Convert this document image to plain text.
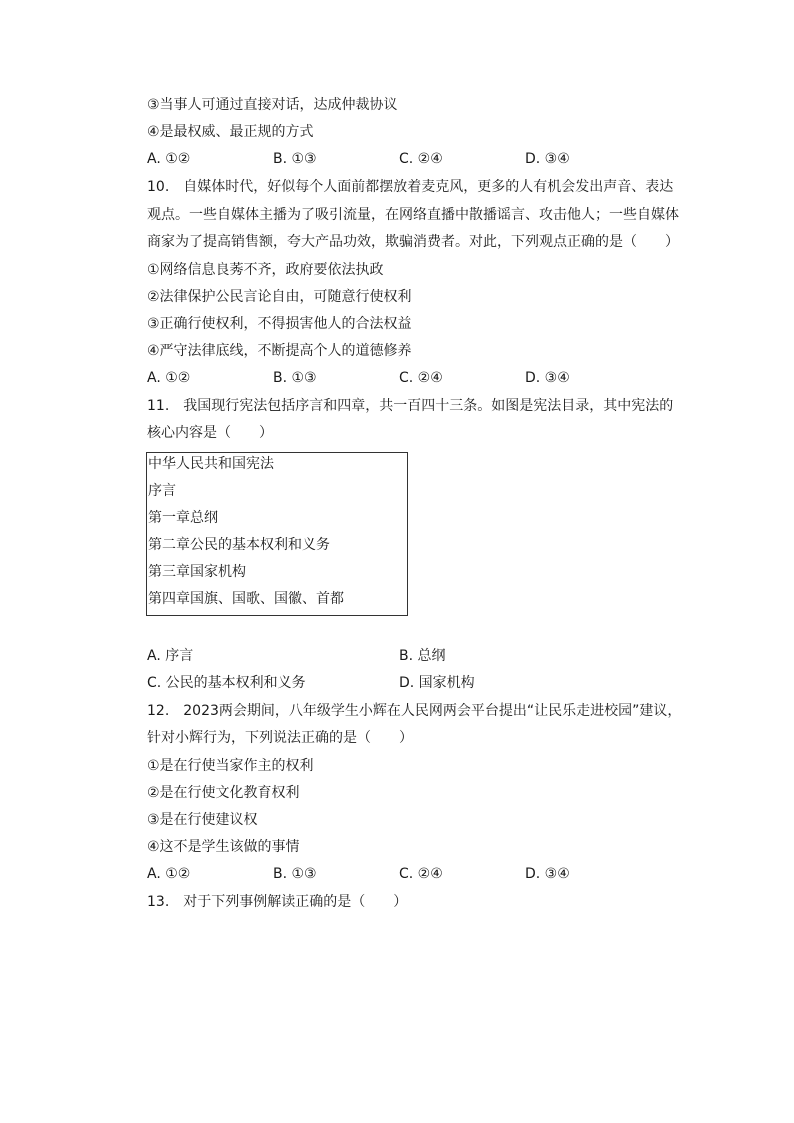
③当事人可通过直接对话，达成仲裁协议
④是最权威、最正规的方式
A. ①②	B. ①③	C. ②④	D. ③④
10.　自媒体时代，好似每个人面前都摆放着麦克风，更多的人有机会发出声音、表达
观点。一些自媒体主播为了吸引流量，在网络直播中散播谣言、攻击他人；一些自媒体
商家为了提高销售额，夸大产品功效，欺骗消费者。对此，下列观点正确的是（　　）
①网络信息良莠不齐，政府要依法执政
②法律保护公民言论自由，可随意行使权利
③正确行使权利，不得损害他人的合法权益
④严守法律底线，不断提高个人的道德修养
A. ①②	B. ①③	C. ②④	D. ③④
11.　我国现行宪法包括序言和四章，共一百四十三条。如图是宪法目录，其中宪法的
核心内容是（　　）
中华人民共和国宪法
序言
第一章总纲
第二章公民的基本权利和义务
第三章国家机构
第四章国旗、国歌、国徽、首都
A. 序言	B. 总纲
C. 公民的基本权利和义务	D. 国家机构
12.　2023两会期间，八年级学生小辉在人民网两会平台提出“让民乐走进校园”建议，
针对小辉行为，下列说法正确的是（　　）
①是在行使当家作主的权利
②是在行使文化教育权利
③是在行使建议权
④这不是学生该做的事情
A. ①②	B. ①③	C. ②④	D. ③④
13.　对于下列事例解读正确的是（　　）
